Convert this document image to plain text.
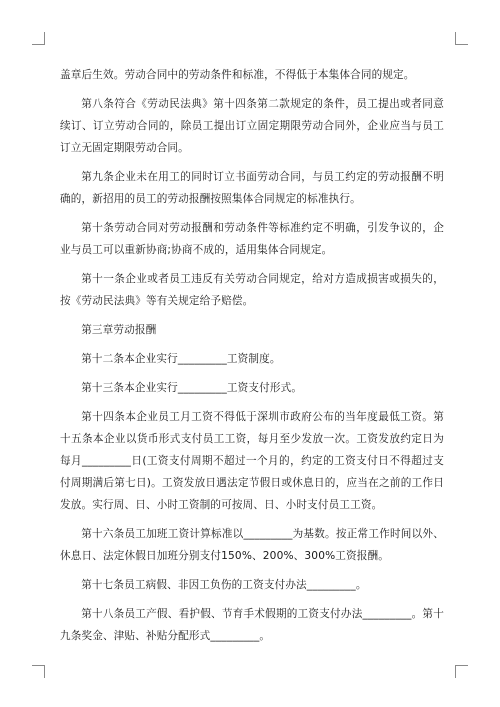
盖章后生效。劳动合同中的劳动条件和标准，不得低于本集体合同的规定。

第八条符合《劳动民法典》第十四条第二款规定的条件，员工提出或者同意续订、订立劳动合同的，除员工提出订立固定期限劳动合同外，企业应当与员工订立无固定期限劳动合同。

第九条企业未在用工的同时订立书面劳动合同，与员工约定的劳动报酬不明确的，新招用的员工的劳动报酬按照集体合同规定的标准执行。

第十条劳动合同对劳动报酬和劳动条件等标准约定不明确，引发争议的，企业与员工可以重新协商;协商不成的，适用集体合同规定。

第十一条企业或者员工违反有关劳动合同规定，给对方造成损害或损失的，按《劳动民法典》等有关规定给予赔偿。

第三章劳动报酬

第十二条本企业实行_________工资制度。

第十三条本企业实行_________工资支付形式。

第十四条本企业员工月工资不得低于深圳市政府公布的当年度最低工资。第十五条本企业以货币形式支付员工工资，每月至少发放一次。工资发放约定日为每月_________日(工资支付周期不超过一个月的，约定的工资支付日不得超过支付周期满后第七日)。工资发放日遇法定节假日或休息日的，应当在之前的工作日发放。实行周、日、小时工资制的可按周、日、小时支付员工工资。

第十六条员工加班工资计算标准以_________为基数。按正常工作时间以外、休息日、法定休假日加班分别支付150%、200%、300%工资报酬。

第十七条员工病假、非因工负伤的工资支付办法_________。

第十八条员工产假、看护假、节育手术假期的工资支付办法_________。第十九条奖金、津贴、补贴分配形式_________。
